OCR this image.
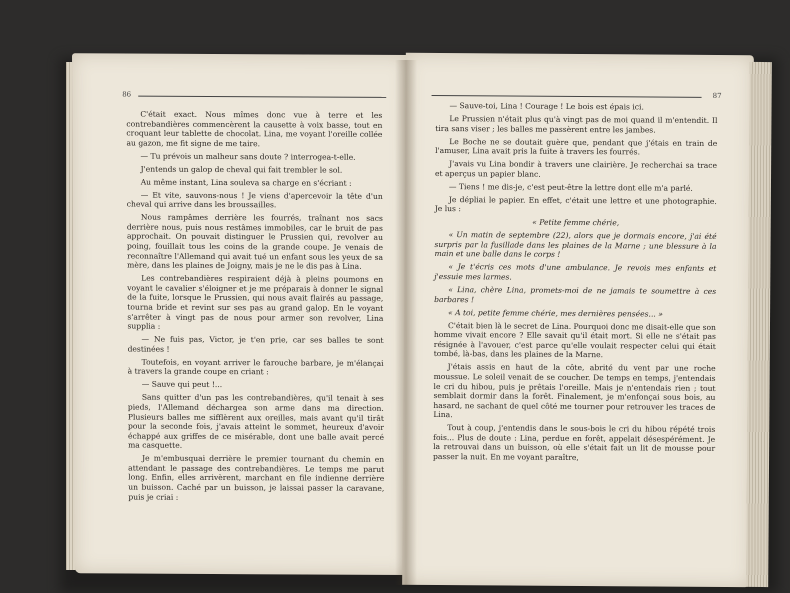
86

C'était exact. Nous mîmes donc vue à terre et les contrebandières commencèrent la causette à voix basse, tout en croquant leur tablette de chocolat. Lina, me voyant l'oreille collée au gazon, me fit signe de me taire.

— Tu prévois un malheur sans doute ? interrogea-t-elle.

J'entends un galop de cheval qui fait trembler le sol.

Au même instant, Lina souleva sa charge en s'écriant :

— Et vite, sauvons-nous ! Je viens d'apercevoir la tête d'un cheval qui arrive dans les broussailles.

Nous rampâmes derrière les fourrés, traînant nos sacs derrière nous, puis nous restâmes immobiles, car le bruit de pas approchait. On pouvait distinguer le Prussien qui, revolver au poing, fouillait tous les coins de la grande coupe. Je venais de reconnaître l'Allemand qui avait tué un enfant sous les yeux de sa mère, dans les plaines de Joigny, mais je ne le dis pas à Lina.

Les contrebandières respiraient déjà à pleins poumons en voyant le cavalier s'éloigner et je me préparais à donner le signal de la fuite, lorsque le Prussien, qui nous avait flairés au passage, tourna bride et revint sur ses pas au grand galop. En le voyant s'arrêter à vingt pas de nous pour armer son revolver, Lina supplia :

— Ne fuis pas, Victor, je t'en prie, car ses balles te sont destinées !

Toutefois, en voyant arriver le farouche barbare, je m'élançai à travers la grande coupe en criant :

— Sauve qui peut !...

Sans quitter d'un pas les contrebandières, qu'il tenait à ses pieds, l'Allemand déchargea son arme dans ma direction. Plusieurs balles me sifflèrent aux oreilles, mais avant qu'il tirât pour la seconde fois, j'avais atteint le sommet, heureux d'avoir échappé aux griffes de ce misérable, dont une balle avait percé ma casquette.

Je m'embusquai derrière le premier tournant du chemin en attendant le passage des contrebandières. Le temps me parut long. Enfin, elles arrivèrent, marchant en file indienne derrière un buisson. Caché par un buisson, je laissai passer la caravane, puis je criai :

87

— Sauve-toi, Lina ! Courage ! Le bois est épais ici.

Le Prussien n'était plus qu'à vingt pas de moi quand il m'entendit. Il tira sans viser ; les balles me passèrent entre les jambes.

Le Boche ne se doutait guère que, pendant que j'étais en train de l'amuser, Lina avait pris la fuite à travers les fourrés.

J'avais vu Lina bondir à travers une clairière. Je recherchai sa trace et aperçus un papier blanc.

— Tiens ! me dis-je, c'est peut-être la lettre dont elle m'a parlé.

Je dépliai le papier. En effet, c'était une lettre et une photographie. Je lus :

« Petite femme chérie,

« Un matin de septembre (22), alors que je dormais encore, j'ai été surpris par la fusillade dans les plaines de la Marne ; une blessure à la main et une balle dans le corps !

« Je t'écris ces mots d'une ambulance. Je revois mes enfants et j'essuie mes larmes.

« Lina, chère Lina, promets-moi de ne jamais te soumettre à ces barbares !

« A toi, petite femme chérie, mes dernières pensées... »

C'était bien là le secret de Lina. Pourquoi donc me disait-elle que son homme vivait encore ? Elle savait qu'il était mort. Si elle ne s'était pas résignée à l'avouer, c'est parce qu'elle voulait respecter celui qui était tombé, là-bas, dans les plaines de la Marne.

J'étais assis en haut de la côte, abrité du vent par une roche moussue. Le soleil venait de se coucher. De temps en temps, j'entendais le cri du hibou, puis je prêtais l'oreille. Mais je n'entendais rien ; tout semblait dormir dans la forêt. Finalement, je m'enfonçai sous bois, au hasard, ne sachant de quel côté me tourner pour retrouver les traces de Lina.

Tout à coup, j'entendis dans le sous-bois le cri du hibou répété trois fois... Plus de doute : Lina, perdue en forêt, appelait désespérément. Je la retrouvai dans un buisson, où elle s'était fait un lit de mousse pour passer la nuit. En me voyant paraître,
